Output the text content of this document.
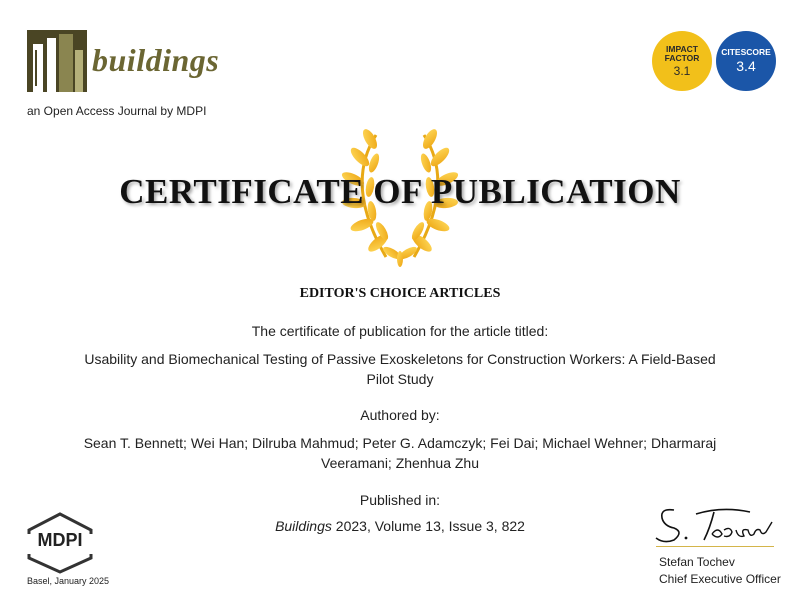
buildings
an Open Access Journal by MDPI
IMPACT
FACTOR
3.1
CITESCORE
3.4
CERTIFICATE OF PUBLICATION
EDITOR'S CHOICE ARTICLES
The certificate of publication for the article titled:
Usability and Biomechanical Testing of Passive Exoskeletons for Construction Workers: A Field-Based Pilot Study
Authored by:
Sean T. Bennett; Wei Han; Dilruba Mahmud; Peter G. Adamczyk; Fei Dai; Michael Wehner; Dharmaraj Veeramani; Zhenhua Zhu
Published in:
Buildings 2023, Volume 13, Issue 3, 822
MDPI
Basel, January 2025
Stefan Tochev
Chief Executive Officer
